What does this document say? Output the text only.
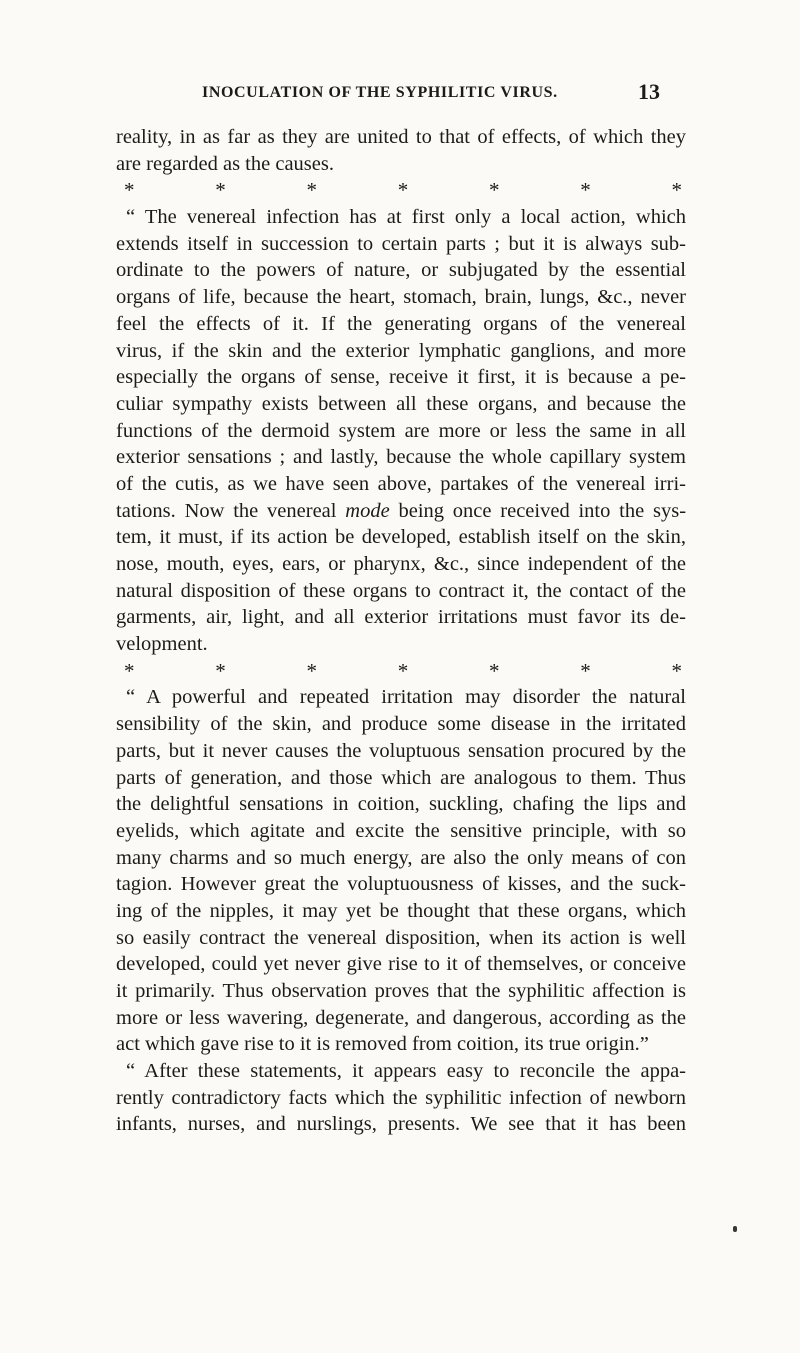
INOCULATION OF THE SYPHILITIC VIRUS.	13
reality, in as far as they are united to that of effects, of which they
are regarded as the causes.
*	*	*	*	*	*	*
“ The venereal infection has at first only a local action, which
extends itself in succession to certain parts ; but it is always sub-
ordinate to the powers of nature, or subjugated by the essential
organs of life, because the heart, stomach, brain, lungs, &c., never
feel the effects of it. If the generating organs of the venereal
virus, if the skin and the exterior lymphatic ganglions, and more
especially the organs of sense, receive it first, it is because a pe-
culiar sympathy exists between all these organs, and because the
functions of the dermoid system are more or less the same in all
exterior sensations ; and lastly, because the whole capillary system
of the cutis, as we have seen above, partakes of the venereal irri-
tations. Now the venereal mode being once received into the sys-
tem, it must, if its action be developed, establish itself on the skin,
nose, mouth, eyes, ears, or pharynx, &c., since independent of the
natural disposition of these organs to contract it, the contact of the
garments, air, light, and all exterior irritations must favor its de-
velopment.
*	*	*	*	*	*	*
“ A powerful and repeated irritation may disorder the natural
sensibility of the skin, and produce some disease in the irritated
parts, but it never causes the voluptuous sensation procured by the
parts of generation, and those which are analogous to them. Thus
the delightful sensations in coition, suckling, chafing the lips and
eyelids, which agitate and excite the sensitive principle, with so
many charms and so much energy, are also the only means of con
tagion. However great the voluptuousness of kisses, and the suck-
ing of the nipples, it may yet be thought that these organs, which
so easily contract the venereal disposition, when its action is well
developed, could yet never give rise to it of themselves, or conceive
it primarily. Thus observation proves that the syphilitic affection is
more or less wavering, degenerate, and dangerous, according as the
act which gave rise to it is removed from coition, its true origin.”
“ After these statements, it appears easy to reconcile the appa-
rently contradictory facts which the syphilitic infection of newborn
infants, nurses, and nurslings, presents. We see that it has been
